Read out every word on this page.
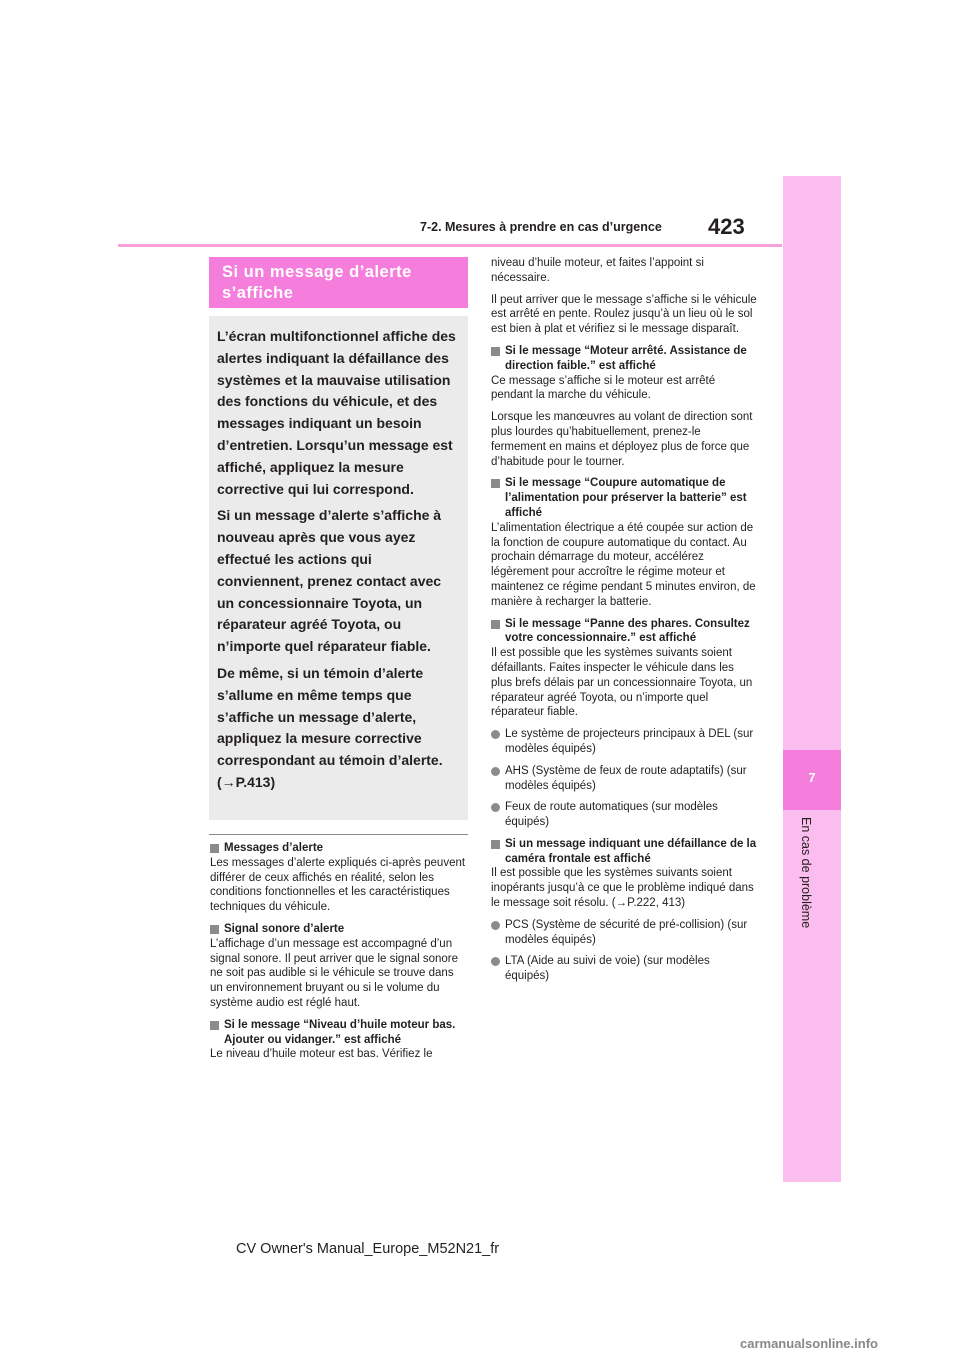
7-2. Mesures à prendre en cas d’urgence 423
7
En cas de problème
Si un message d’alerte s’affiche

L’écran multifonctionnel affiche des alertes indiquant la défaillance des systèmes et la mauvaise utilisation des fonctions du véhicule, et des messages indiquant un besoin d’entretien. Lorsqu’un message est affiché, appliquez la mesure corrective qui lui correspond.

Si un message d’alerte s’affiche à nouveau après que vous ayez effectué les actions qui conviennent, prenez contact avec un concessionnaire Toyota, un réparateur agréé Toyota, ou n’importe quel réparateur fiable.

De même, si un témoin d’alerte s’allume en même temps que s’affiche un message d’alerte, appliquez la mesure corrective correspondant au témoin d’alerte. (→P.413)

Messages d’alerte
Les messages d’alerte expliqués ci-après peuvent différer de ceux affichés en réalité, selon les conditions fonctionnelles et les caractéristiques techniques du véhicule.
Signal sonore d’alerte
L’affichage d’un message est accompagné d’un signal sonore. Il peut arriver que le signal sonore ne soit pas audible si le véhicule se trouve dans un environnement bruyant ou si le volume du système audio est réglé haut.
Si le message “Niveau d’huile moteur bas. Ajouter ou vidanger.” est affiché
Le niveau d’huile moteur est bas. Vérifiez le
niveau d’huile moteur, et faites l’appoint si nécessaire.
Il peut arriver que le message s’affiche si le véhicule est arrêté en pente. Roulez jusqu’à un lieu où le sol est bien à plat et vérifiez si le message disparaît.
Si le message “Moteur arrêté. Assistance de direction faible.” est affiché
Ce message s’affiche si le moteur est arrêté pendant la marche du véhicule.
Lorsque les manœuvres au volant de direction sont plus lourdes qu’habituellement, prenez-le fermement en mains et déployez plus de force que d’habitude pour le tourner.
Si le message “Coupure automatique de l’alimentation pour préserver la batterie” est affiché
L’alimentation électrique a été coupée sur action de la fonction de coupure automatique du contact. Au prochain démarrage du moteur, accélérez légèrement pour accroître le régime moteur et maintenez ce régime pendant 5 minutes environ, de manière à recharger la batterie.
Si le message “Panne des phares. Consultez votre concessionnaire.” est affiché
Il est possible que les systèmes suivants soient défaillants. Faites inspecter le véhicule dans les plus brefs délais par un concessionnaire Toyota, un réparateur agréé Toyota, ou n’importe quel réparateur fiable.
Le système de projecteurs principaux à DEL (sur modèles équipés)
AHS (Système de feux de route adaptatifs) (sur modèles équipés)
Feux de route automatiques (sur modèles équipés)
Si un message indiquant une défaillance de la caméra frontale est affiché
Il est possible que les systèmes suivants soient inopérants jusqu’à ce que le problème indiqué dans le message soit résolu. (→P.222, 413)
PCS (Système de sécurité de pré-collision) (sur modèles équipés)
LTA (Aide au suivi de voie) (sur modèles équipés)
CV Owner's Manual_Europe_M52N21_fr
carmanualsonline.info
